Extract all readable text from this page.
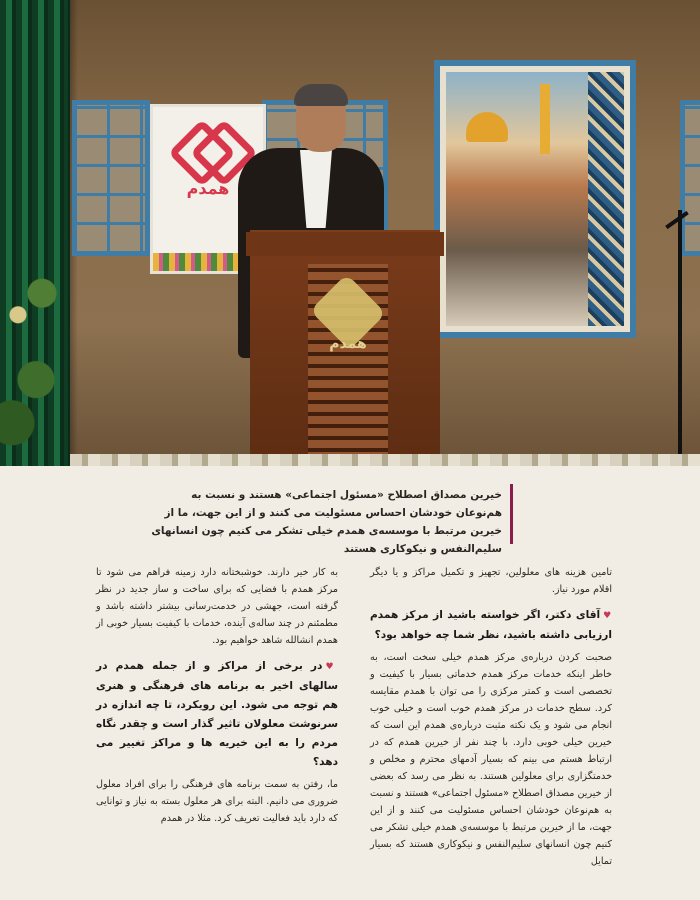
همدم
همدم
خیرین مصداق اصطلاح «مسئول اجتماعی» هستند و نسبت به هم‌نوعان خودشان احساس مسئولیت می کنند و از این جهت، ما از خیرین مرتبط با موسسه‌ی همدم خیلی تشکر می کنیم چون انسانهای سلیم‌النفس و نیکوکاری هستند

تامین هزینه های معلولین، تجهیز و تکمیل مراکز و یا دیگر اقلام مورد نیاز.

♥آقای دکتر، اگر خواسته باشید از مرکز همدم ارزیابی داشته باشید، نظر شما چه خواهد بود؟

صحبت کردن درباره‌ی مرکز همدم خیلی سخت است، به خاطر اینکه خدمات مرکز همدم خدماتی بسیار با کیفیت و تخصصی است و کمتر مرکزی را می توان با همدم مقایسه کرد. سطح خدمات در مرکز همدم خوب است و خیلی خوب انجام می شود و یک نکته مثبت درباره‌ی همدم این است که خیرین خیلی خوبی دارد. با چند نفر از خیرین همدم که در ارتباط هستم می بینم که بسیار آدمهای محترم و مخلص و خدمتگزاری برای معلولین هستند. به نظر می رسد که بعضی از خیرین مصداق اصطلاح «مسئول اجتماعی» هستند و نسبت به هم‌نوعان خودشان احساس مسئولیت می کنند و از این جهت، ما از خیرین مرتبط با موسسه‌ی همدم خیلی تشکر می کنیم چون انسانهای سلیم‌النفس و نیکوکاری هستند که بسیار تمایل

به کار خیر دارند. خوشبختانه دارد زمینه فراهم می شود تا مرکز همدم با فضایی که برای ساخت و ساز جدید در نظر گرفته است، جهشی در خدمت‌رسانی بیشتر داشته باشد و مطمئنم در چند ساله‌ی آینده، خدمات با کیفیت بسیار خوبی از همدم انشالله شاهد خواهیم بود.

♥در برخی از مراکز و از جمله همدم در سالهای اخیر به برنامه های فرهنگی و هنری هم توجه می شود. این رویکرد، تا چه اندازه در سرنوشت معلولان تاثیر گذار است و چقدر نگاه مردم را به این خیریه ها و مراکز تغییر می دهد؟

ما، رفتن به سمت برنامه های فرهنگی را برای افراد معلول ضروری می دانیم. البته برای هر معلول بسته به نیاز و توانایی که دارد باید فعالیت تعریف کرد. مثلا در همدم
